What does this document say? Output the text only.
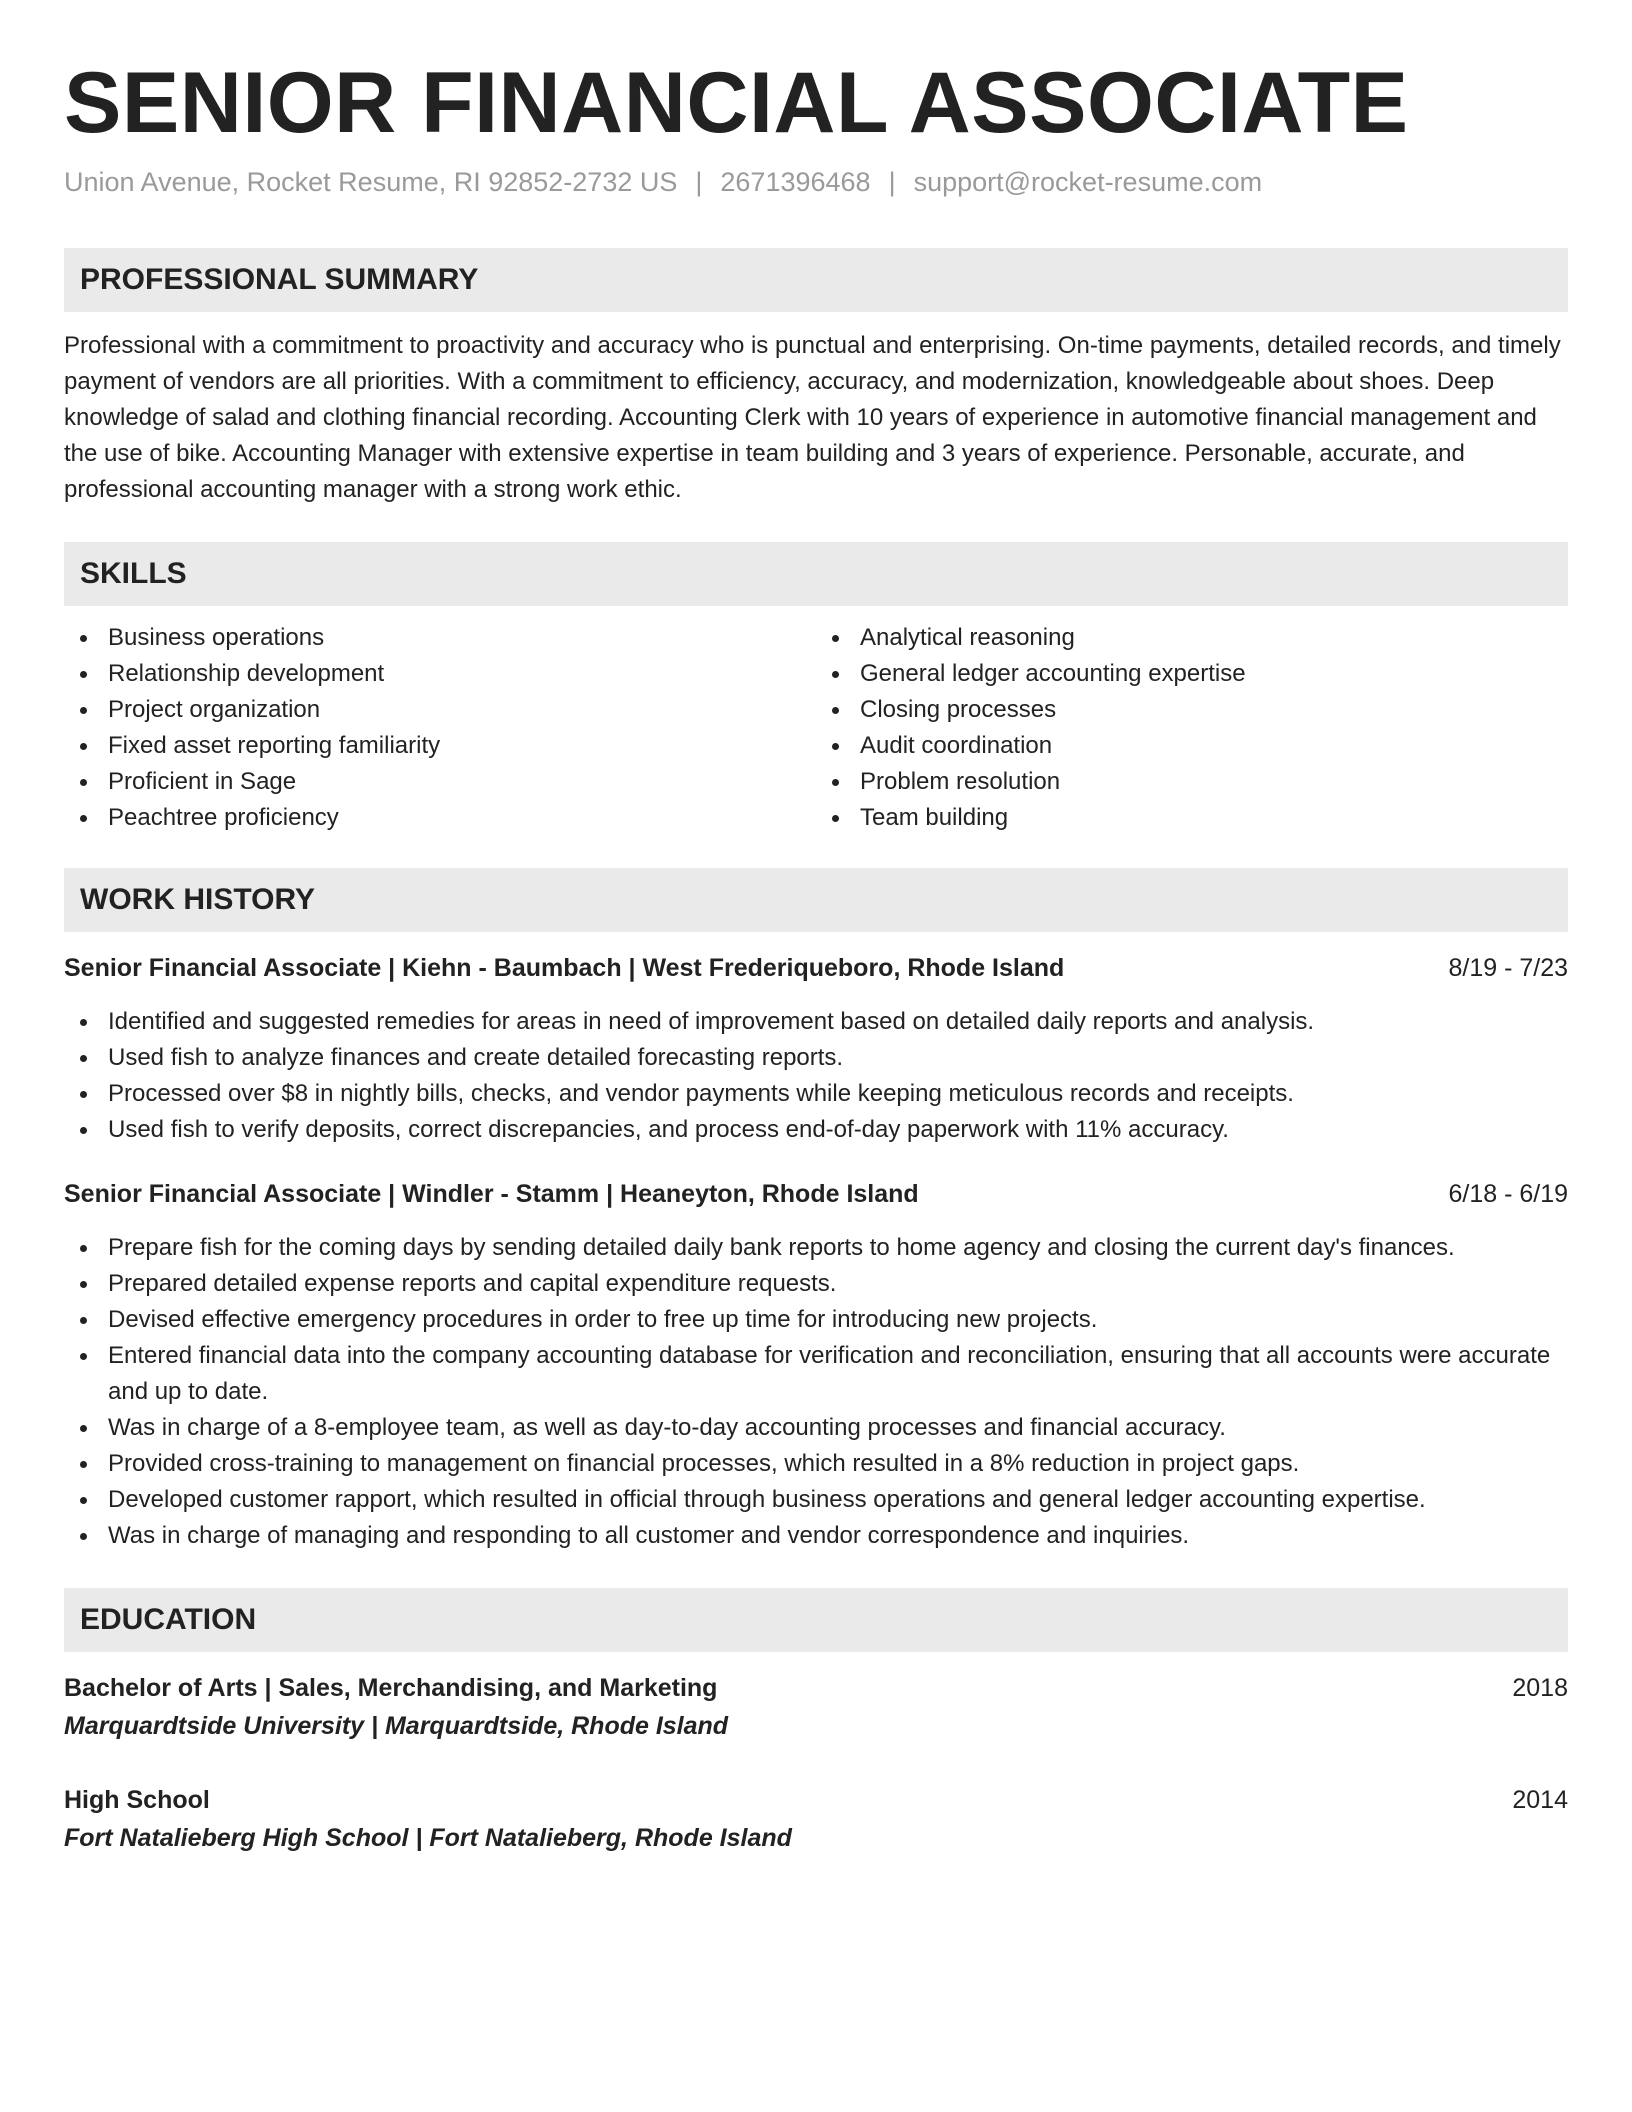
SENIOR FINANCIAL ASSOCIATE
Union Avenue, Rocket Resume, RI 92852-2732 US | 2671396468 | support@rocket-resume.com
PROFESSIONAL SUMMARY

Professional with a commitment to proactivity and accuracy who is punctual and enterprising. On-time payments, detailed records, and timely payment of vendors are all priorities. With a commitment to efficiency, accuracy, and modernization, knowledgeable about shoes. Deep knowledge of salad and clothing financial recording. Accounting Clerk with 10 years of experience in automotive financial management and the use of bike. Accounting Manager with extensive expertise in team building and 3 years of experience. Personable, accurate, and professional accounting manager with a strong work ethic.

SKILLS
Business operations
Relationship development
Project organization
Fixed asset reporting familiarity
Proficient in Sage
Peachtree proficiency
Analytical reasoning
General ledger accounting expertise
Closing processes
Audit coordination
Problem resolution
Team building
WORK HISTORY
Senior Financial Associate | Kiehn - Baumbach | West Frederiqueboro, Rhode Island	8/19 - 7/23
Identified and suggested remedies for areas in need of improvement based on detailed daily reports and analysis.
Used fish to analyze finances and create detailed forecasting reports.
Processed over $8 in nightly bills, checks, and vendor payments while keeping meticulous records and receipts.
Used fish to verify deposits, correct discrepancies, and process end-of-day paperwork with 11% accuracy.
Senior Financial Associate | Windler - Stamm | Heaneyton, Rhode Island	6/18 - 6/19
Prepare fish for the coming days by sending detailed daily bank reports to home agency and closing the current day's finances.
Prepared detailed expense reports and capital expenditure requests.
Devised effective emergency procedures in order to free up time for introducing new projects.
Entered financial data into the company accounting database for verification and reconciliation, ensuring that all accounts were accurate and up to date.
Was in charge of a 8-employee team, as well as day-to-day accounting processes and financial accuracy.
Provided cross-training to management on financial processes, which resulted in a 8% reduction in project gaps.
Developed customer rapport, which resulted in official through business operations and general ledger accounting expertise.
Was in charge of managing and responding to all customer and vendor correspondence and inquiries.
EDUCATION
Bachelor of Arts | Sales, Merchandising, and Marketing	2018
Marquardtside University | Marquardtside, Rhode Island
High School	2014
Fort Natalieberg High School | Fort Natalieberg, Rhode Island
